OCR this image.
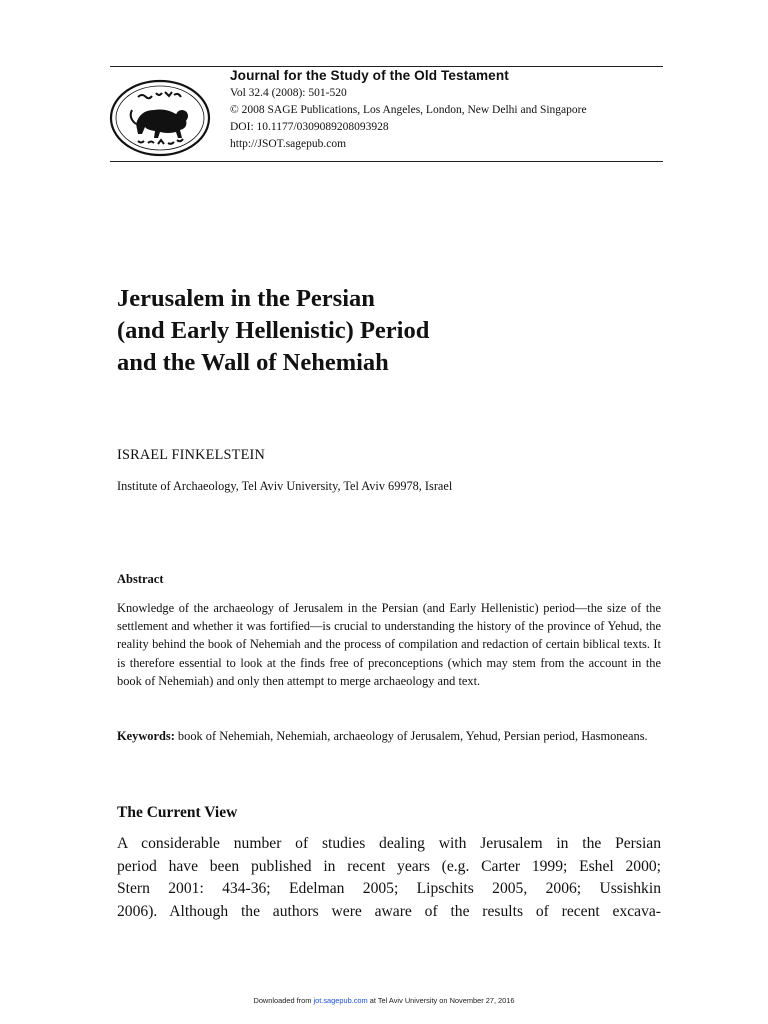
Journal for the Study of the Old Testament

Vol 32.4 (2008): 501-520

© 2008 SAGE Publications, Los Angeles, London, New Delhi and Singapore

DOI: 10.1177/0309089208093928

http://JSOT.sagepub.com

Jerusalem in the Persian
(and Early Hellenistic) Period
and the Wall of Nehemiah

ISRAEL FINKELSTEIN

Institute of Archaeology, Tel Aviv University, Tel Aviv 69978, Israel

Abstract

Knowledge of the archaeology of Jerusalem in the Persian (and Early Hellenistic) period—the size of the settlement and whether it was fortified—is crucial to understanding the history of the province of Yehud, the reality behind the book of Nehemiah and the process of compilation and redaction of certain biblical texts. It is therefore essential to look at the finds free of preconceptions (which may stem from the account in the book of Nehemiah) and only then attempt to merge archaeology and text.

Keywords: book of Nehemiah, Nehemiah, archaeology of Jerusalem, Yehud, Persian period, Hasmoneans.

The Current View

A considerable number of studies dealing with Jerusalem in the Persian
period have been published in recent years (e.g. Carter 1999; Eshel 2000;
Stern 2001: 434-36; Edelman 2005; Lipschits 2005, 2006; Ussishkin
2006). Although the authors were aware of the results of recent excava-

Downloaded from jot.sagepub.com at Tel Aviv University on November 27, 2016
